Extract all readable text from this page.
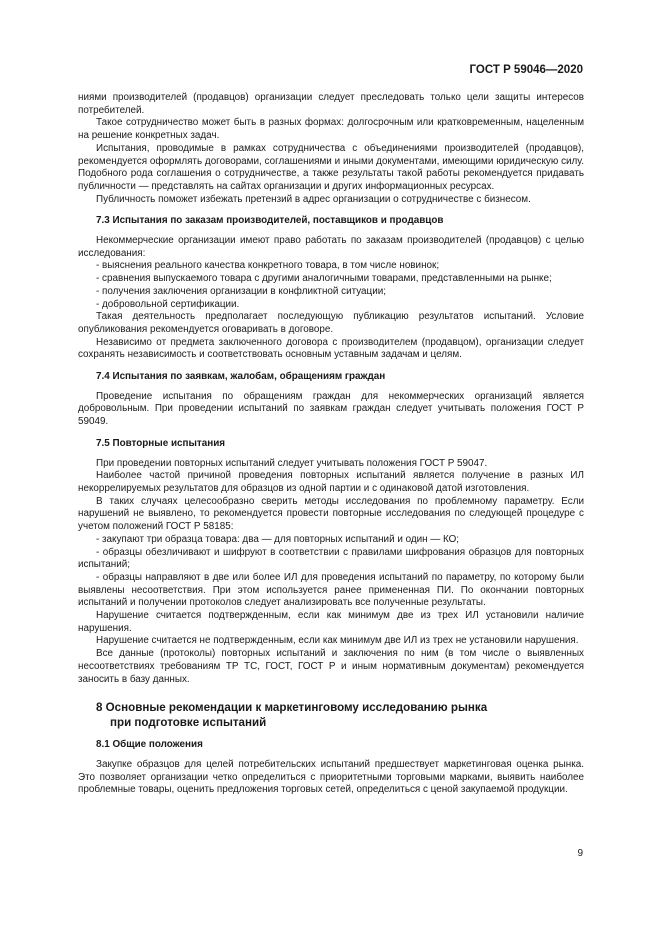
ГОСТ Р 59046—2020

ниями производителей (продавцов) организации следует преследовать только цели защиты интересов потребителей.

Такое сотрудничество может быть в разных формах: долгосрочным или кратковременным, нацеленным на решение конкретных задач.

Испытания, проводимые в рамках сотрудничества с объединениями производителей (продавцов), рекомендуется оформлять договорами, соглашениями и иными документами, имеющими юридическую силу. Подобного рода соглашения о сотрудничестве, а также результаты такой работы рекомендуется придавать публичности — представлять на сайтах организации и других информационных ресурсах.

Публичность поможет избежать претензий в адрес организации о сотрудничестве с бизнесом.

7.3 Испытания по заказам производителей, поставщиков и продавцов

Некоммерческие организации имеют право работать по заказам производителей (продавцов) с целью исследования:

- выяснения реального качества конкретного товара, в том числе новинок;

- сравнения выпускаемого товара с другими аналогичными товарами, представленными на рынке;

- получения заключения организации в конфликтной ситуации;

- добровольной сертификации.

Такая деятельность предполагает последующую публикацию результатов испытаний. Условие опубликования рекомендуется оговаривать в договоре.

Независимо от предмета заключенного договора с производителем (продавцом), организации следует сохранять независимость и соответствовать основным уставным задачам и целям.

7.4 Испытания по заявкам, жалобам, обращениям граждан

Проведение испытания по обращениям граждан для некоммерческих организаций является добровольным. При проведении испытаний по заявкам граждан следует учитывать положения ГОСТ Р 59049.

7.5 Повторные испытания

При проведении повторных испытаний следует учитывать положения ГОСТ Р 59047.

Наиболее частой причиной проведения повторных испытаний является получение в разных ИЛ некоррелируемых результатов для образцов из одной партии и с одинаковой датой изготовления.

В таких случаях целесообразно сверить методы исследования по проблемному параметру. Если нарушений не выявлено, то рекомендуется провести повторные исследования по следующей процедуре с учетом положений ГОСТ Р 58185:

- закупают три образца товара: два — для повторных испытаний и один — КО;

- образцы обезличивают и шифруют в соответствии с правилами шифрования образцов для повторных испытаний;

- образцы направляют в две или более ИЛ для проведения испытаний по параметру, по которому были выявлены несоответствия. При этом используется ранее примененная ПИ. По окончании повторных испытаний и получении протоколов следует анализировать все полученные результаты.

Нарушение считается подтвержденным, если как минимум две из трех ИЛ установили наличие нарушения.

Нарушение считается не подтвержденным, если как минимум две ИЛ из трех не установили нарушения.

Все данные (протоколы) повторных испытаний и заключения по ним (в том числе о выявленных несоответствиях требованиям ТР ТС, ГОСТ, ГОСТ Р и иным нормативным документам) рекомендуется заносить в базу данных.

8 Основные рекомендации к маркетинговому исследованию рынка
при подготовке испытаний
8.1 Общие положения

Закупке образцов для целей потребительских испытаний предшествует маркетинговая оценка рынка. Это позволяет организации четко определиться с приоритетными торговыми марками, выявить наиболее проблемные товары, оценить предложения торговых сетей, определиться с ценой закупаемой продукции.

9
